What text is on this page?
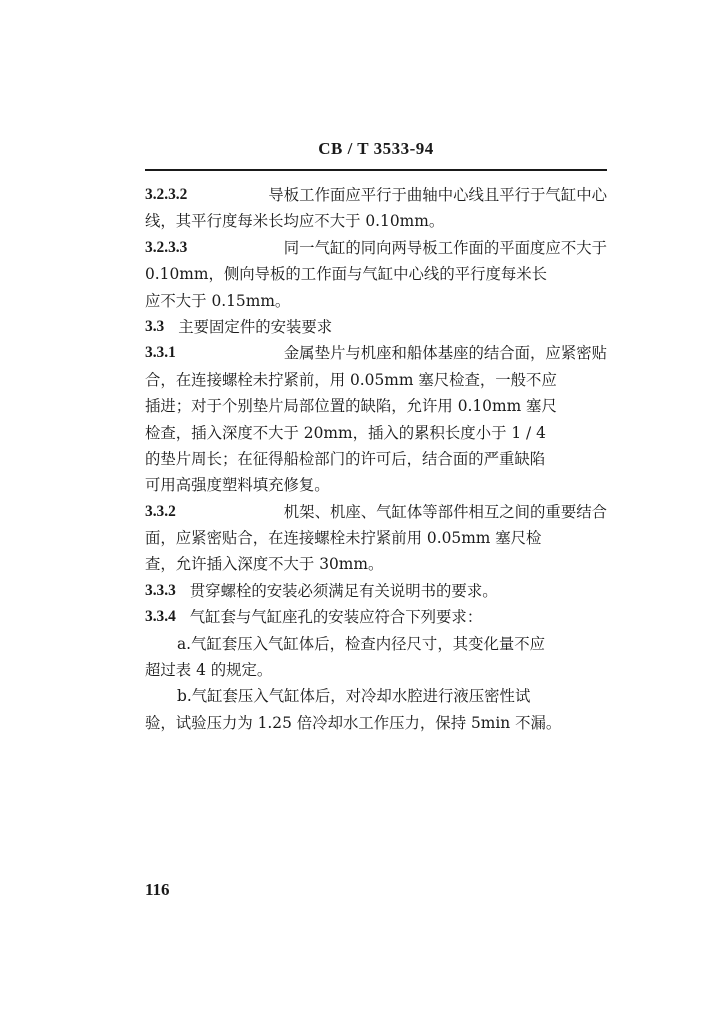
CB / T 3533-94
3.2.3.2	导板工作面应平行于曲轴中心线且平行于气缸中心
线，其平行度每米长均应不大于 0.10mm。
3.2.3.3	同一气缸的同向两导板工作面的平面度应不大于
0.10mm，侧向导板的工作面与气缸中心线的平行度每米长
应不大于 0.15mm。
3.3 主要固定件的安装要求
3.3.1	金属垫片与机座和船体基座的结合面，应紧密贴
合，在连接螺栓未拧紧前，用 0.05mm 塞尺检查，一般不应
插进；对于个别垫片局部位置的缺陷，允许用 0.10mm 塞尺
检查，插入深度不大于 20mm，插入的累积长度小于 1 / 4
的垫片周长；在征得船检部门的许可后，结合面的严重缺陷
可用高强度塑料填充修复。
3.3.2	机架、机座、气缸体等部件相互之间的重要结合
面，应紧密贴合，在连接螺栓未拧紧前用 0.05mm 塞尺检
查，允许插入深度不大于 30mm。
3.3.3 贯穿螺栓的安装必须满足有关说明书的要求。
3.3.4 气缸套与气缸座孔的安装应符合下列要求：
a.气缸套压入气缸体后，检查内径尺寸，其变化量不应
超过表 4 的规定。
b.气缸套压入气缸体后，对冷却水腔进行液压密性试
验，试验压力为 1.25 倍冷却水工作压力，保持 5min 不漏。
116
